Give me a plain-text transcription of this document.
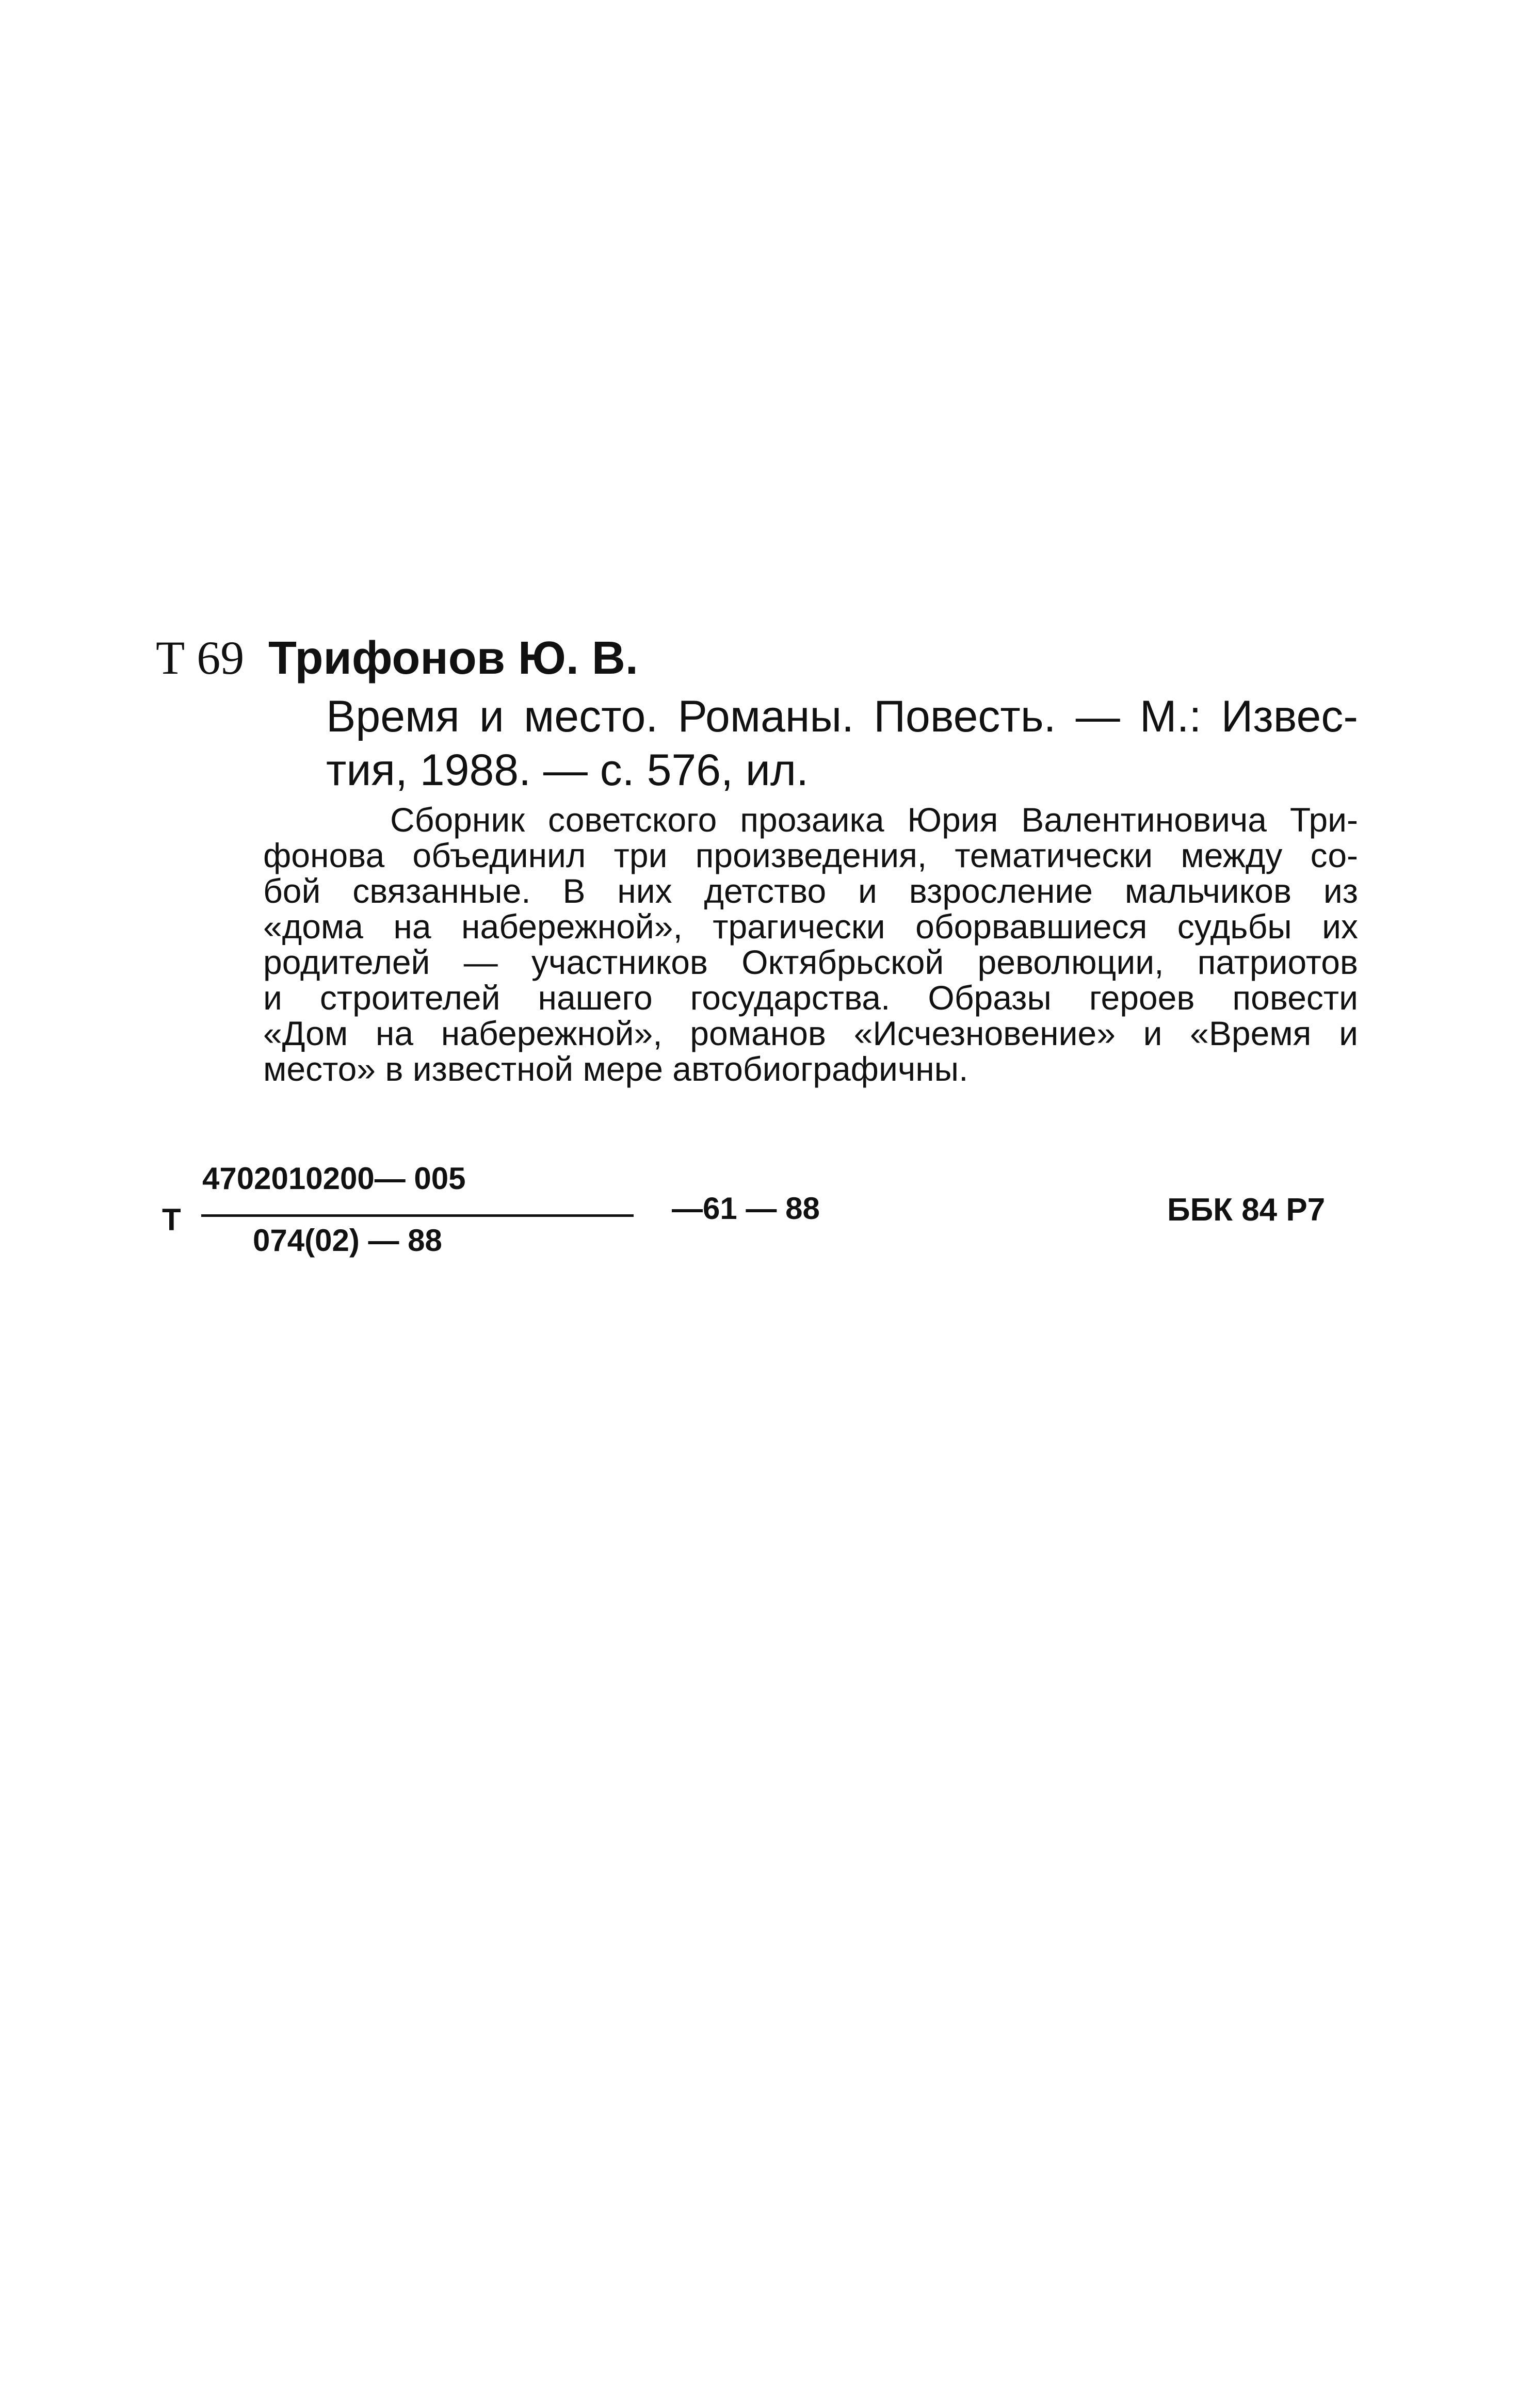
Т 69 Трифонов Ю. В.
Время и место. Романы. Повесть. — М.: Извес-
тия, 1988. — с. 576, ил.
Сборник советского прозаика Юрия Валентиновича Три-
фонова объединил три произведения, тематически между со-
бой связанные. В них детство и взросление мальчиков из
«дома на набережной», трагически оборвавшиеся судьбы их
родителей — участников Октябрьской революции, патриотов
и строителей нашего государства. Образы героев повести
«Дом на набережной», романов «Исчезновение» и «Время и
место» в известной мере автобиографичны.
Т
4702010200— 005
074(02) — 88
—61 — 88	ББК 84 Р7
